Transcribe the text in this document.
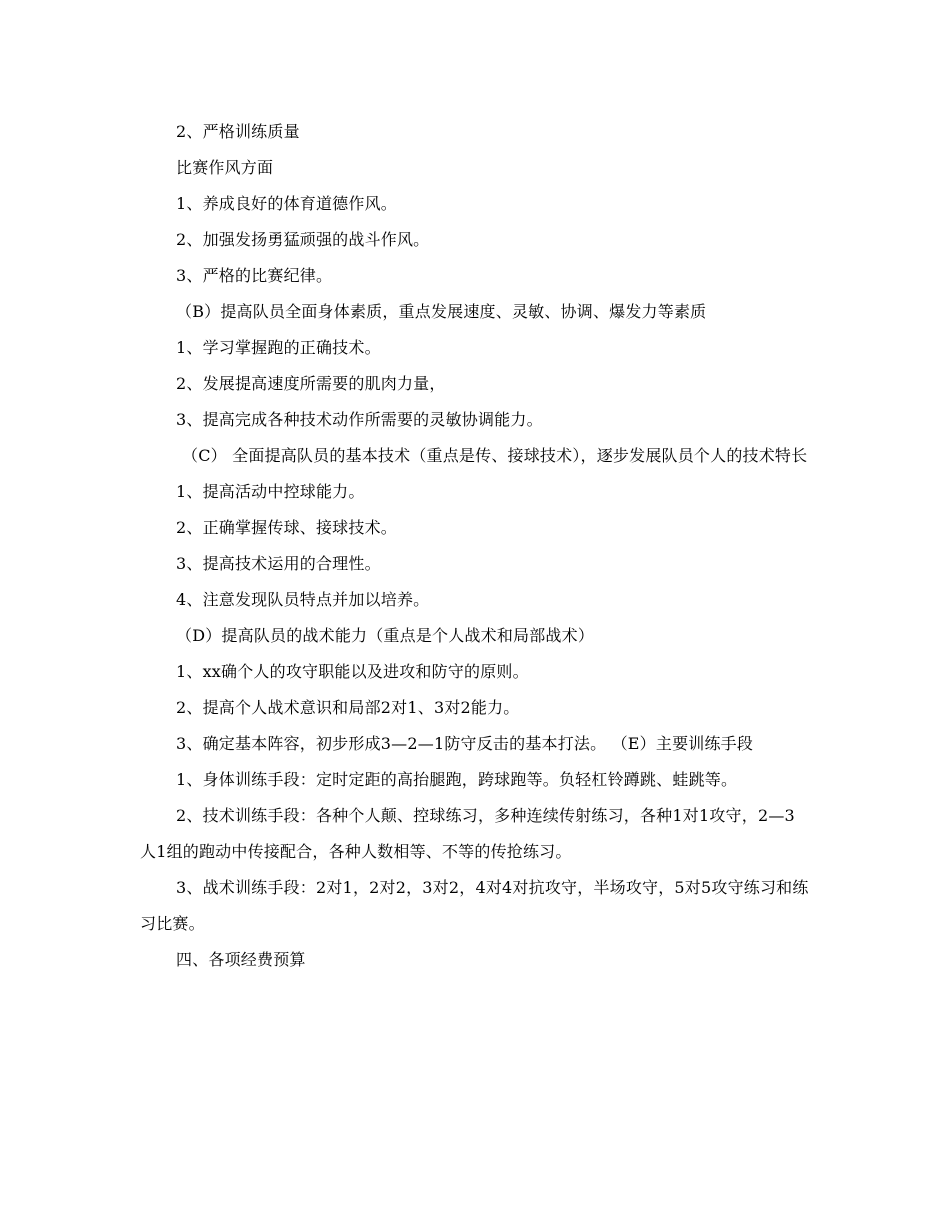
2、严格训练质量

比赛作风方面

1、养成良好的体育道德作风。

2、加强发扬勇猛顽强的战斗作风。

3、严格的比赛纪律。

（B）提高队员全面身体素质，重点发展速度、灵敏、协调、爆发力等素质

1、学习掌握跑的正确技术。

2、发展提高速度所需要的肌肉力量，

3、提高完成各种技术动作所需要的灵敏协调能力。

（C） 全面提高队员的基本技术（重点是传、接球技术），逐步发展队员个人的技术特长

1、提高活动中控球能力。

2、正确掌握传球、接球技术。

3、提高技术运用的合理性。

4、注意发现队员特点并加以培养。

（D）提高队员的战术能力（重点是个人战术和局部战术）

1、xx确个人的攻守职能以及进攻和防守的原则。

2、提高个人战术意识和局部2对1、3对2能力。

3、确定基本阵容，初步形成3—2—1防守反击的基本打法。 （E）主要训练手段

1、身体训练手段：定时定距的高抬腿跑，跨球跑等。负轻杠铃蹲跳、蛙跳等。

2、技术训练手段：各种个人颠、控球练习，多种连续传射练习，各种1对1攻守，2—3人1组的跑动中传接配合，各种人数相等、不等的传抢练习。

3、战术训练手段：2对1，2对2，3对2，4对4对抗攻守，半场攻守，5对5攻守练习和练习比赛。

四、各项经费预算
